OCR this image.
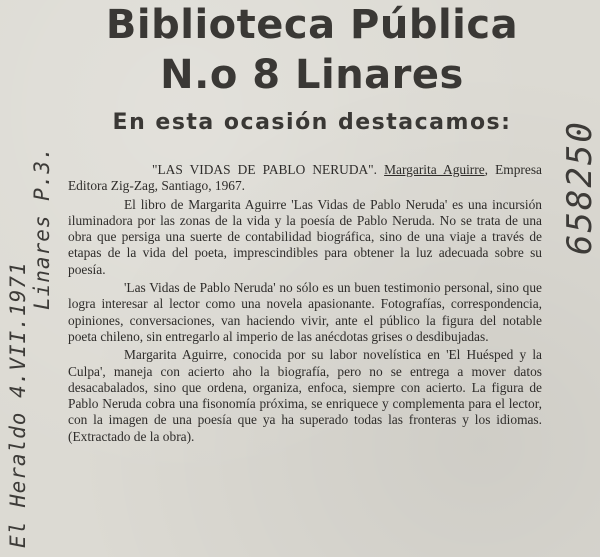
Biblioteca Pública
N.o 8 Linares
En esta ocasión destacamos:

"LAS VIDAS DE PABLO NERUDA". Margarita Aguirre, Empresa Editora Zig-Zag, Santiago, 1967.

El libro de Margarita Aguirre 'Las Vidas de Pablo Neruda' es una incursión iluminadora por las zonas de la vida y la poesía de Pablo Neruda. No se trata de una obra que persiga una suerte de contabilidad biográfica, sino de una viaje a través de etapas de la vida del poeta, imprescindibles para obtener la luz adecuada sobre su poesía.

'Las Vidas de Pablo Neruda' no sólo es un buen testimonio personal, sino que logra interesar al lector como una novela apasionante. Fotografías, correspondencia, opiniones, conversaciones, van haciendo vivir, ante el público la figura del notable poeta chileno, sin entregarlo al imperio de las anécdotas grises o desdibujadas.

Margarita Aguirre, conocida por su labor novelística en 'El Huésped y la Culpa', maneja con acierto aho la biografía, pero no se entrega a mover datos desacabalados, sino que ordena, organiza, enfoca, siempre con acierto. La figura de Pablo Neruda cobra una fisonomía próxima, se enriquece y complementa para el lector, con la imagen de una poesía que ya ha superado todas las fronteras y los idiomas. (Extractado de la obra).

El Heraldo 4.VII.1971
Linares P.3.	658250
